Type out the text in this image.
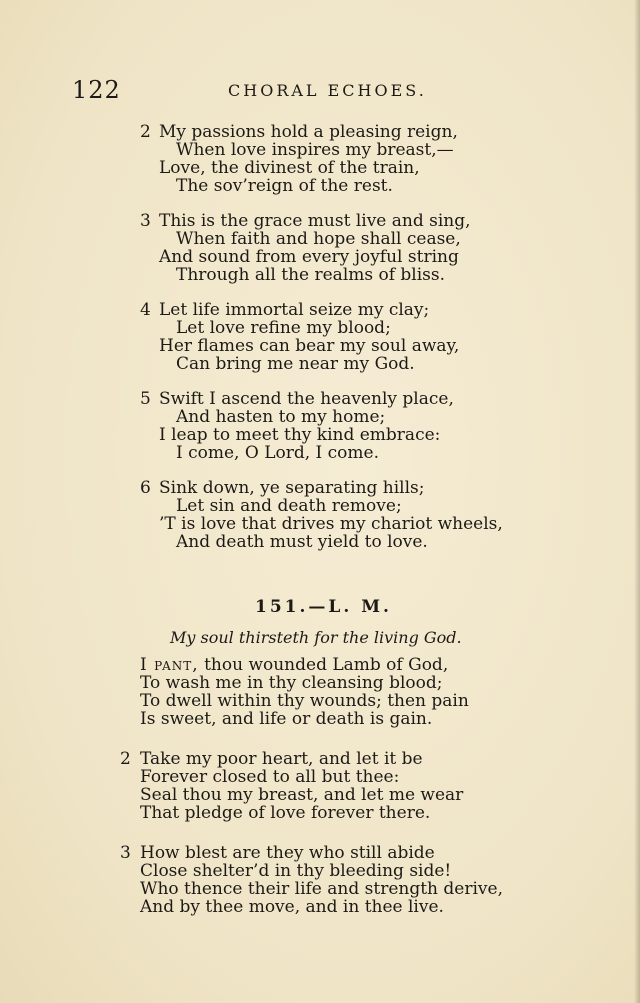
122	CHORAL ECHOES.
2 My passions hold a pleasing reign,
When love inspires my breast,—
Love, the divinest of the train,
The sov’reign of the rest.
3 This is the grace must live and sing,
When faith and hope shall cease,
And sound from every joyful string
Through all the realms of bliss.
4 Let life immortal seize my clay;
Let love refine my blood;
Her flames can bear my soul away,
Can bring me near my God.
5 Swift I ascend the heavenly place,
And hasten to my home;
I leap to meet thy kind embrace:
I come, O Lord, I come.
6 Sink down, ye separating hills;
Let sin and death remove;
’T is love that drives my chariot wheels,
And death must yield to love.
151.—L. M.
My soul thirsteth for the living God.
I pant, thou wounded Lamb of God,
To wash me in thy cleansing blood;
To dwell within thy wounds; then pain
Is sweet, and life or death is gain.
2 Take my poor heart, and let it be
Forever closed to all but thee:
Seal thou my breast, and let me wear
That pledge of love forever there.
3 How blest are they who still abide
Close shelter’d in thy bleeding side!
Who thence their life and strength derive,
And by thee move, and in thee live.
